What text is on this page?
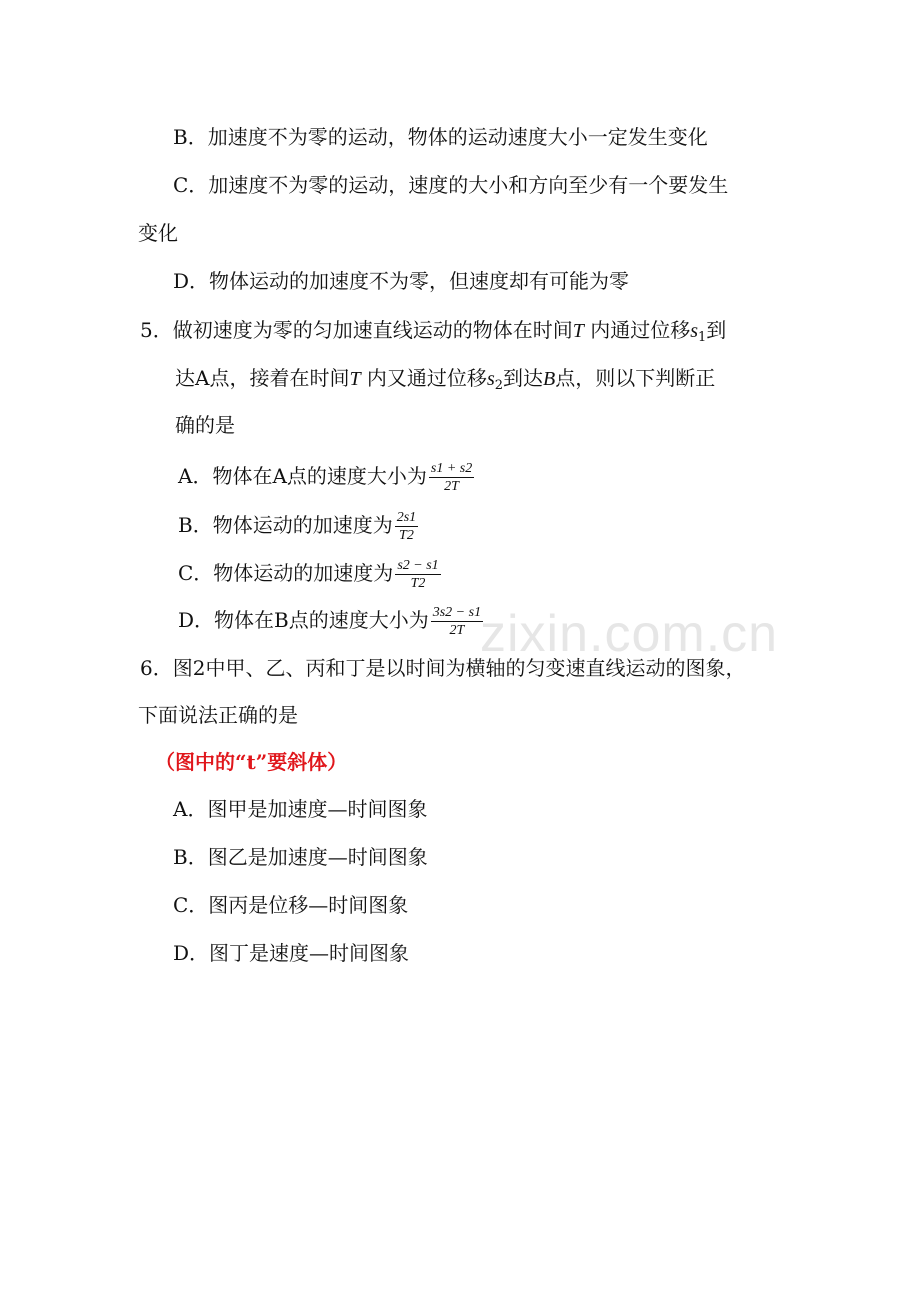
zixin.com.cn
B．加速度不为零的运动，物体的运动速度大小一定发生变化
C．加速度不为零的运动，速度的大小和方向至少有一个要发生
变化
D．物体运动的加速度不为零，但速度却有可能为零
5．做初速度为零的匀加速直线运动的物体在时间T 内通过位移$s_1$到
达A点，接着在时间T 内又通过位移$s_2$到达B点，则以下判断正
确的是
A．物体在A点的速度大小为 $\frac{s1 + s2}{2T}$
B．物体运动的加速度为 $\frac{2s1}{T2}$
C．物体运动的加速度为 $\frac{s2 - s1}{T2}$
D．物体在B点的速度大小为 $\frac{3s2 - s1}{2T}$
6．图2中甲、乙、丙和丁是以时间为横轴的匀变速直线运动的图象，
下面说法正确的是
（图中的“t”要斜体）
A．图甲是加速度—时间图象
B．图乙是加速度—时间图象
C．图丙是位移—时间图象
D．图丁是速度—时间图象
